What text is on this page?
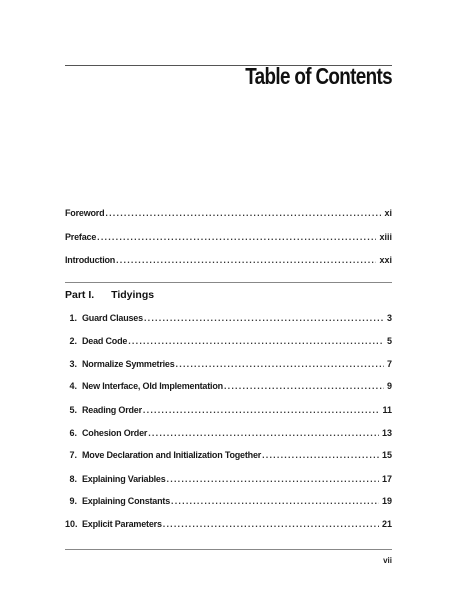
Table of Contents
Foreword .....	xi
Preface .....	xiii
Introduction .....	xxi
Part I. Tidyings
1. Guard Clauses .....	3
2. Dead Code .....	5
3. Normalize Symmetries .....	7
4. New Interface, Old Implementation .....	9
5. Reading Order .....	11
6. Cohesion Order .....	13
7. Move Declaration and Initialization Together .....	15
8. Explaining Variables .....	17
9. Explaining Constants .....	19
10. Explicit Parameters .....	21
vii
